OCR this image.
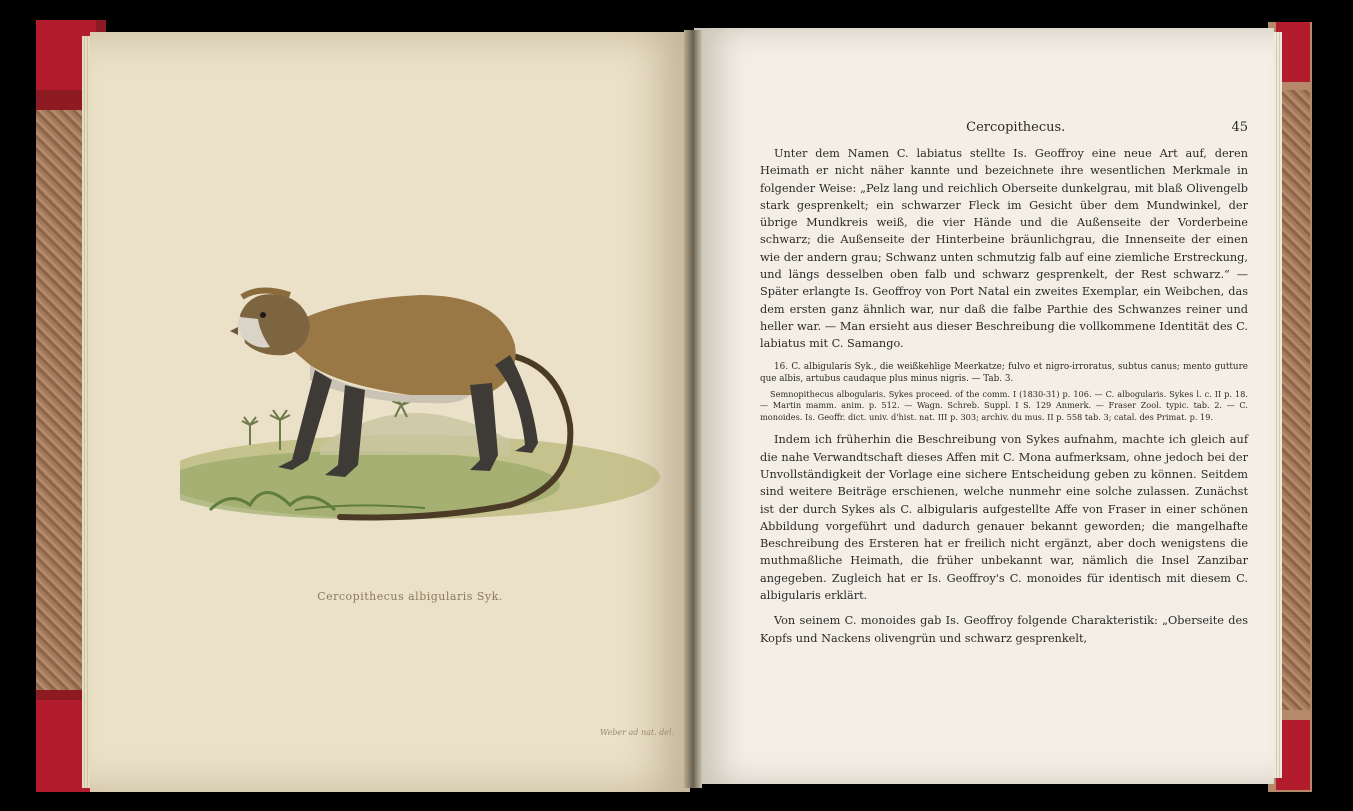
Cercopithecus albigularis Syk.
Weber ad nat. del.
Cercopithecus.	45

Unter dem Namen C. labiatus stellte Is. Geoffroy eine neue Art auf, deren Heimath er nicht näher kannte und bezeichnete ihre wesentlichen Merkmale in folgender Weise: „Pelz lang und reichlich Oberseite dunkelgrau, mit blaß Olivengelb stark gesprenkelt; ein schwarzer Fleck im Gesicht über dem Mundwinkel, der übrige Mundkreis weiß, die vier Hände und die Außenseite der Vorderbeine schwarz; die Außenseite der Hinterbeine bräunlichgrau, die Innenseite der einen wie der andern grau; Schwanz unten schmutzig falb auf eine ziemliche Erstreckung, und längs desselben oben falb und schwarz gesprenkelt, der Rest schwarz.“ — Später erlangte Is. Geoffroy von Port Natal ein zweites Exemplar, ein Weibchen, das dem ersten ganz ähnlich war, nur daß die falbe Parthie des Schwanzes reiner und heller war. — Man ersieht aus dieser Beschreibung die vollkommene Identität des C. labiatus mit C. Samango.

16. C. albigularis Syk., die weißkehlige Meerkatze; fulvo et nigro-irroratus, subtus canus; mento gutture que albis, artubus caudaque plus minus nigris. — Tab. 3.

Semnopithecus albogularis. Sykes proceed. of the comm. I (1830-31) p. 106. — C. albogularis. Sykes l. c. II p. 18. — Martin mamm. anim. p. 512. — Wagn. Schreb. Suppl. I S. 129 Anmerk. — Fraser Zool. typic. tab. 2. — C. monoides. Is. Geoffr. dict. univ. d'hist. nat. III p. 303; archiv. du mus. II p. 558 tab. 3; catal. des Primat. p. 19.

Indem ich früherhin die Beschreibung von Sykes aufnahm, machte ich gleich auf die nahe Verwandtschaft dieses Affen mit C. Mona aufmerksam, ohne jedoch bei der Unvollständigkeit der Vorlage eine sichere Entscheidung geben zu können. Seitdem sind weitere Beiträge erschienen, welche nunmehr eine solche zulassen. Zunächst ist der durch Sykes als C. albigularis aufgestellte Affe von Fraser in einer schönen Abbildung vorgeführt und dadurch genauer bekannt geworden; die mangelhafte Beschreibung des Ersteren hat er freilich nicht ergänzt, aber doch wenigstens die muthmaßliche Heimath, die früher unbekannt war, nämlich die Insel Zanzibar angegeben. Zugleich hat er Is. Geoffroy's C. monoides für identisch mit diesem C. albigularis erklärt.

Von seinem C. monoides gab Is. Geoffroy folgende Charakteristik: „Oberseite des Kopfs und Nackens olivengrün und schwarz gesprenkelt,
